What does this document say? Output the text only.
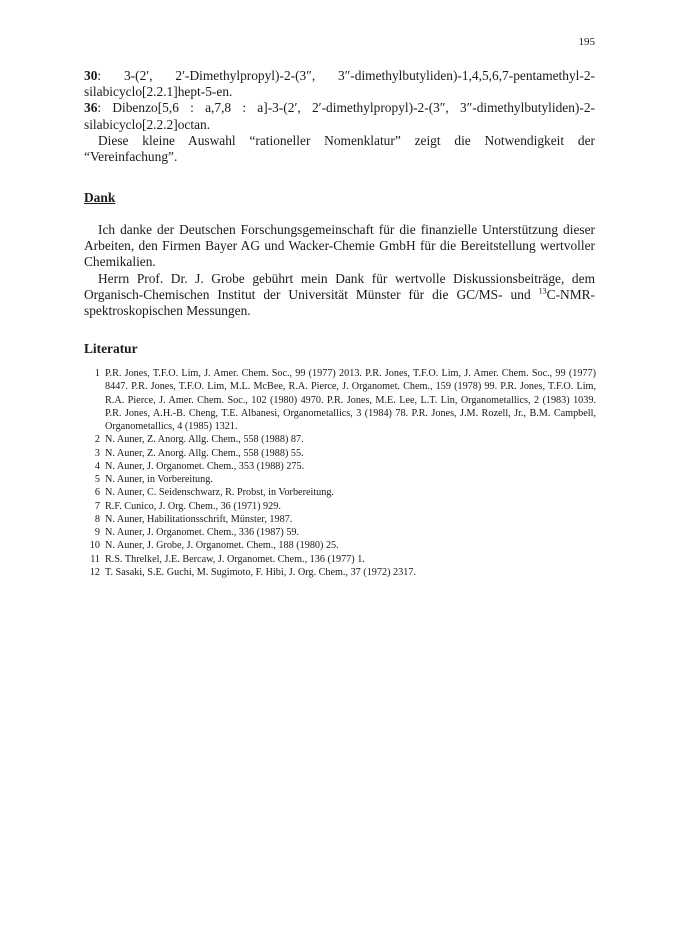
195
30: 3-(2′, 2′-Dimethylpropyl)-2-(3″, 3″-dimethylbutyliden)-1,4,5,6,7-pentamethyl-2-silabicyclo[2.2.1]hept-5-en.
36: Dibenzo[5,6 : a,7,8 : a]-3-(2′, 2′-dimethylpropyl)-2-(3″, 3″-dimethylbutyliden)-2-silabicyclo[2.2.2]octan.

Diese kleine Auswahl “rationeller Nomenklatur” zeigt die Notwendigkeit der “Vereinfachung”.

Dank

Ich danke der Deutschen Forschungsgemeinschaft für die finanzielle Unterstützung dieser Arbeiten, den Firmen Bayer AG und Wacker-Chemie GmbH für die Bereitstellung wertvoller Chemikalien.

Herrn Prof. Dr. J. Grobe gebührt mein Dank für wertvolle Diskussionsbeiträge, dem Organisch-Chemischen Institut der Universität Münster für die GC/MS- und $^{13}$C-NMR-spektroskopischen Messungen.

Literatur
1 P.R. Jones, T.F.O. Lim, J. Amer. Chem. Soc., 99 (1977) 2013. P.R. Jones, T.F.O. Lim, J. Amer. Chem. Soc., 99 (1977) 8447. P.R. Jones, T.F.O. Lim, M.L. McBee, R.A. Pierce, J. Organomet. Chem., 159 (1978) 99. P.R. Jones, T.F.O. Lim, R.A. Pierce, J. Amer. Chem. Soc., 102 (1980) 4970. P.R. Jones, M.E. Lee, L.T. Lin, Organometallics, 2 (1983) 1039. P.R. Jones, A.H.-B. Cheng, T.E. Albanesi, Organometallics, 3 (1984) 78. P.R. Jones, J.M. Rozell, Jr., B.M. Campbell, Organometallics, 4 (1985) 1321.
2 N. Auner, Z. Anorg. Allg. Chem., 558 (1988) 87.
3 N. Auner, Z. Anorg. Allg. Chem., 558 (1988) 55.
4 N. Auner, J. Organomet. Chem., 353 (1988) 275.
5 N. Auner, in Vorbereitung.
6 N. Auner, C. Seidenschwarz, R. Probst, in Vorbereitung.
7 R.F. Cunico, J. Org. Chem., 36 (1971) 929.
8 N. Auner, Habilitationsschrift, Münster, 1987.
9 N. Auner, J. Organomet. Chem., 336 (1987) 59.
10 N. Auner, J. Grobe, J. Organomet. Chem., 188 (1980) 25.
11 R.S. Threlkel, J.E. Bercaw, J. Organomet. Chem., 136 (1977) 1.
12 T. Sasaki, S.E. Guchi, M. Sugimoto, F. Hibi, J. Org. Chem., 37 (1972) 2317.
